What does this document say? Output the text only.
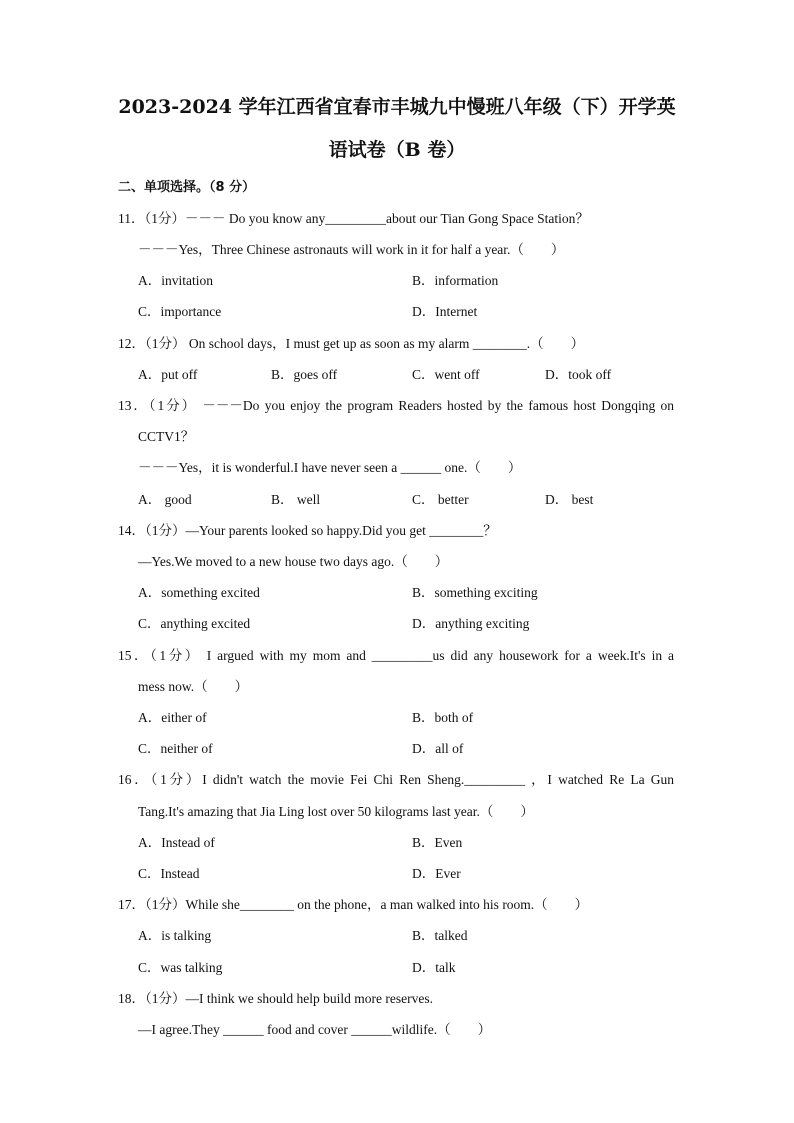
2023-2024 学年江西省宜春市丰城九中慢班八年级（下）开学英
语试卷（B 卷）
二、单项选择。（8 分）
11．（1分）－－－ Do you know any_________about our Tian Gong Space Station？
－－－Yes，Three Chinese astronauts will work in it for half a year.（　　）
A．invitation	B．information
C．importance	D．Internet
12．（1分） On school days，I must get up as soon as my alarm ________.（　　）
A．put off	B．goes off	C．went off	D．took off
13．（1分） －－－Do you enjoy the program Readers hosted by the famous host Dongqing on
CCTV1？
－－－Yes，it is wonderful.I have never seen a ______ one.（　　）
A． good	B． well	C． better	D． best
14．（1分）—Your parents looked so happy.Did you get ________？
—Yes.We moved to a new house two days ago.（　　）
A．something excited	B．something exciting
C．anything excited	D．anything exciting
15．（1分） I argued with my mom and _________us did any housework for a week.It's in a
mess now.（　　）
A．either of	B．both of
C．neither of	D．all of
16．（1分）I didn't watch the movie Fei Chi Ren Sheng._________ ，I watched Re La Gun
Tang.It's amazing that Jia Ling lost over 50 kilograms last year.（　　）
A．Instead of	B．Even
C．Instead	D．Ever
17．（1分）While she________ on the phone，a man walked into his room.（　　）
A．is talking	B．talked
C．was talking	D．talk
18．（1分）—I think we should help build more reserves.
—I agree.They ______ food and cover ______wildlife.（　　）
